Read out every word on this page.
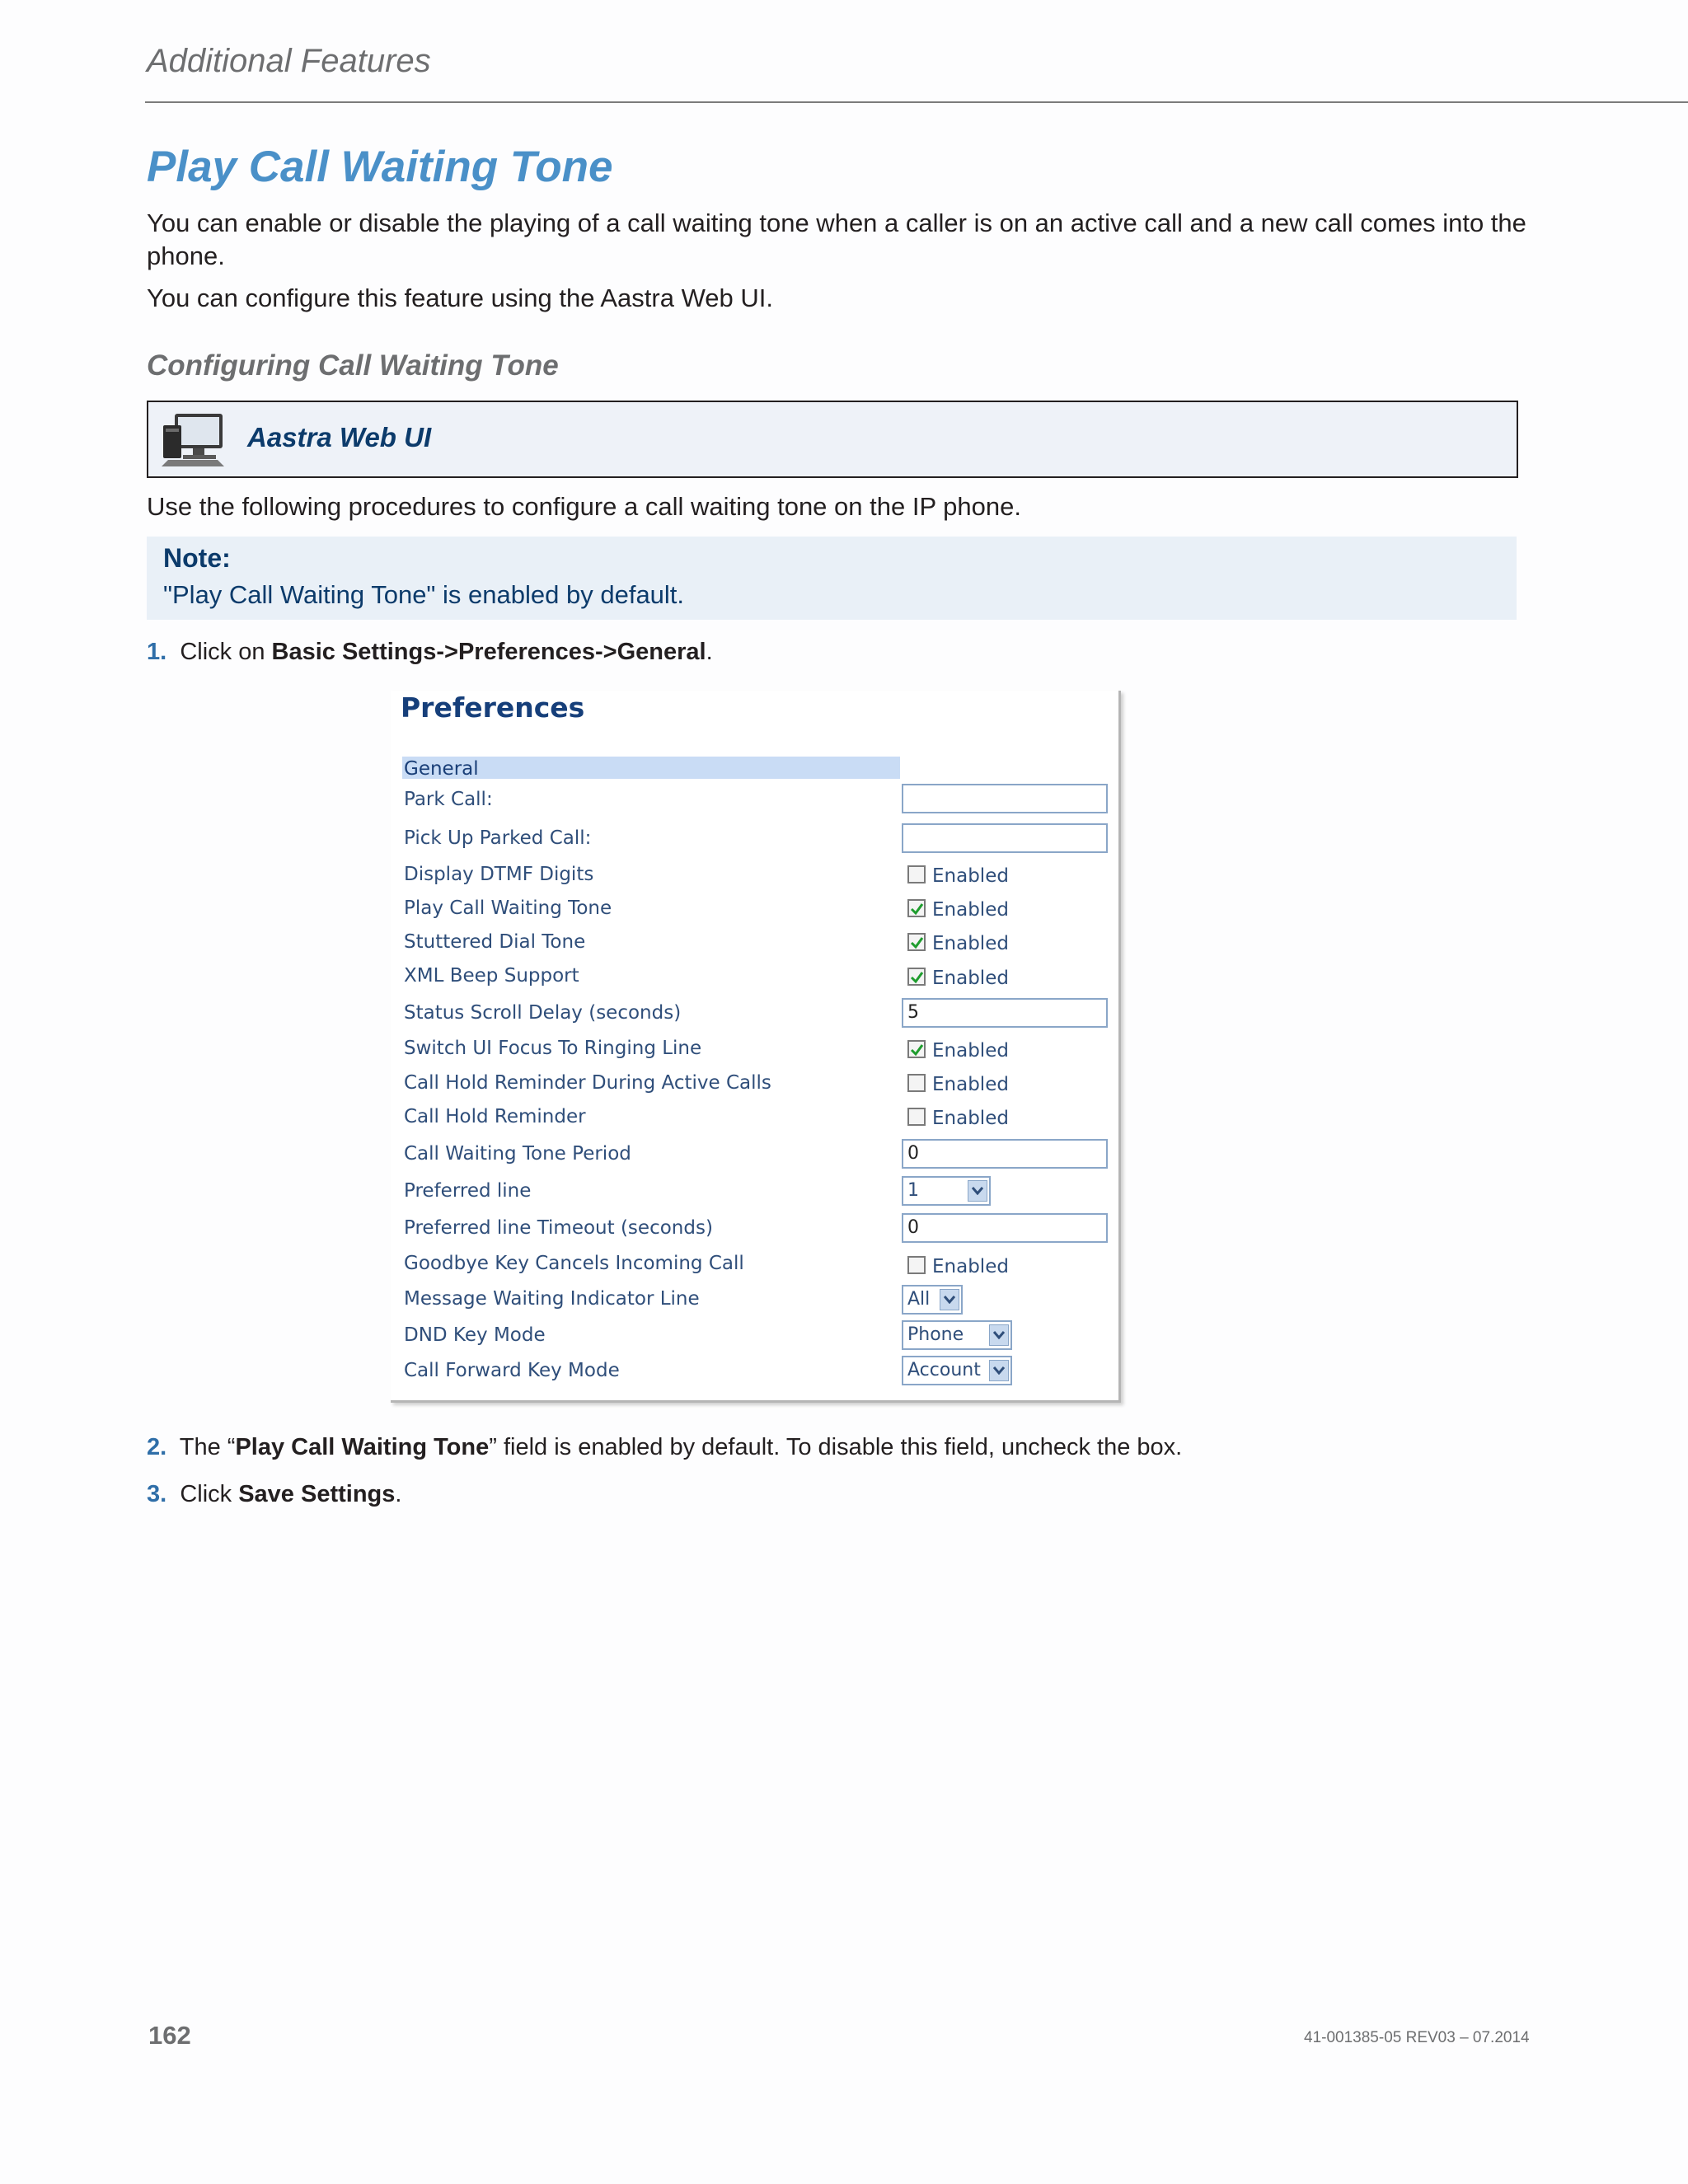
Additional Features
Play Call Waiting Tone
You can enable or disable the playing of a call waiting tone when a caller is on an active call and a new call comes into the phone.
You can configure this feature using the Aastra Web UI.
Configuring Call Waiting Tone
Aastra Web UI
Use the following procedures to configure a call waiting tone on the IP phone.
Note:
"Play Call Waiting Tone" is enabled by default.
1. Click on Basic Settings->Preferences->General.
Preferences
General
Park Call:
Pick Up Parked Call:
Display DTMF Digits	Enabled
Play Call Waiting Tone	Enabled
Stuttered Dial Tone	Enabled
XML Beep Support	Enabled
Status Scroll Delay (seconds)	5
Switch UI Focus To Ringing Line	Enabled
Call Hold Reminder During Active Calls	Enabled
Call Hold Reminder	Enabled
Call Waiting Tone Period	0
Preferred line	1
Preferred line Timeout (seconds)	0
Goodbye Key Cancels Incoming Call	Enabled
Message Waiting Indicator Line	All
DND Key Mode	Phone
Call Forward Key Mode	Account
2. The “Play Call Waiting Tone” field is enabled by default. To disable this field, uncheck the box.
3. Click Save Settings.
162	41-001385-05 REV03 – 07.2014
